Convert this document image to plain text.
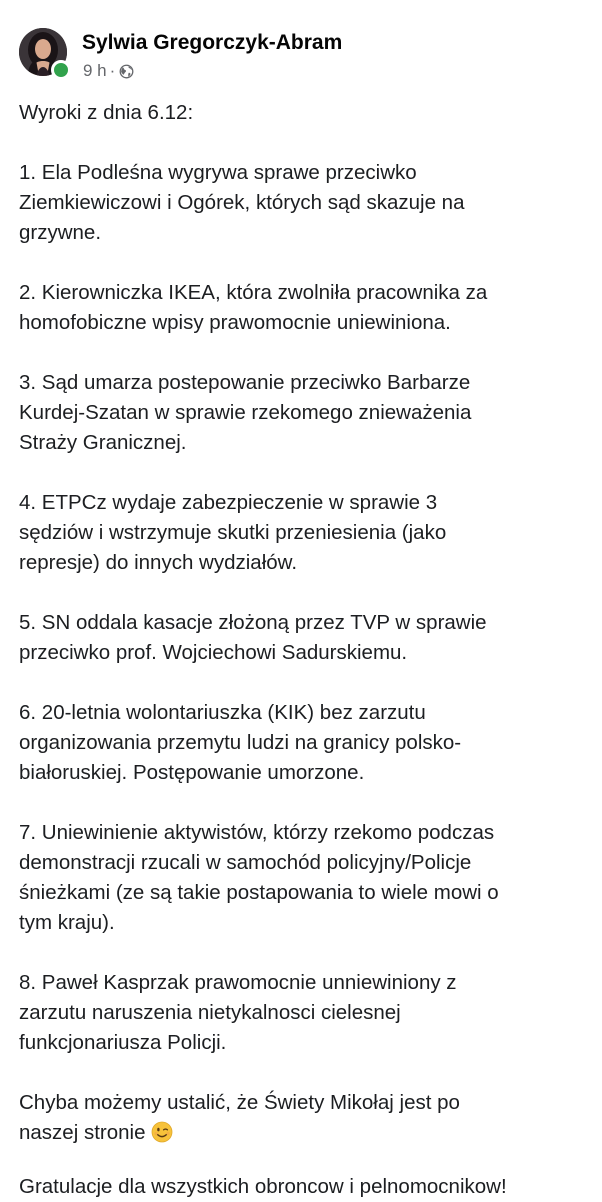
Sylwia Gregorczyk-Abram
9 h ·

Wyroki z dnia 6.12:

1. Ela Podleśna wygrywa sprawe przeciwko
Ziemkiewiczowi i Ogórek, których sąd skazuje na
grzywne.

2. Kierowniczka IKEA, która zwolniła pracownika za
homofobiczne wpisy prawomocnie uniewiniona.

3. Sąd umarza postepowanie przeciwko Barbarze
Kurdej-Szatan w sprawie rzekomego znieważenia
Straży Granicznej.

4. ETPCz wydaje zabezpieczenie w sprawie 3
sędziów i wstrzymuje skutki przeniesienia (jako
represje) do innych wydziałów.

5. SN oddala kasacje złożoną przez TVP w sprawie
przeciwko prof. Wojciechowi Sadurskiemu.

6. 20-letnia wolontariuszka (KIK) bez zarzutu
organizowania przemytu ludzi na granicy polsko-
białoruskiej. Postępowanie umorzone.

7. Uniewinienie aktywistów, którzy rzekomo podczas
demonstracji rzucali w samochód policyjny/Policje
śnieżkami (ze są takie postapowania to wiele mowi o
tym kraju).

8. Paweł Kasprzak prawomocnie unniewiniony z
zarzutu naruszenia nietykalnosci cielesnej
funkcjonariusza Policji.

Chyba możemy ustalić, że Świety Mikołaj jest po
naszej stronie

Gratulacje dla wszystkich obroncow i pelnomocnikow!
